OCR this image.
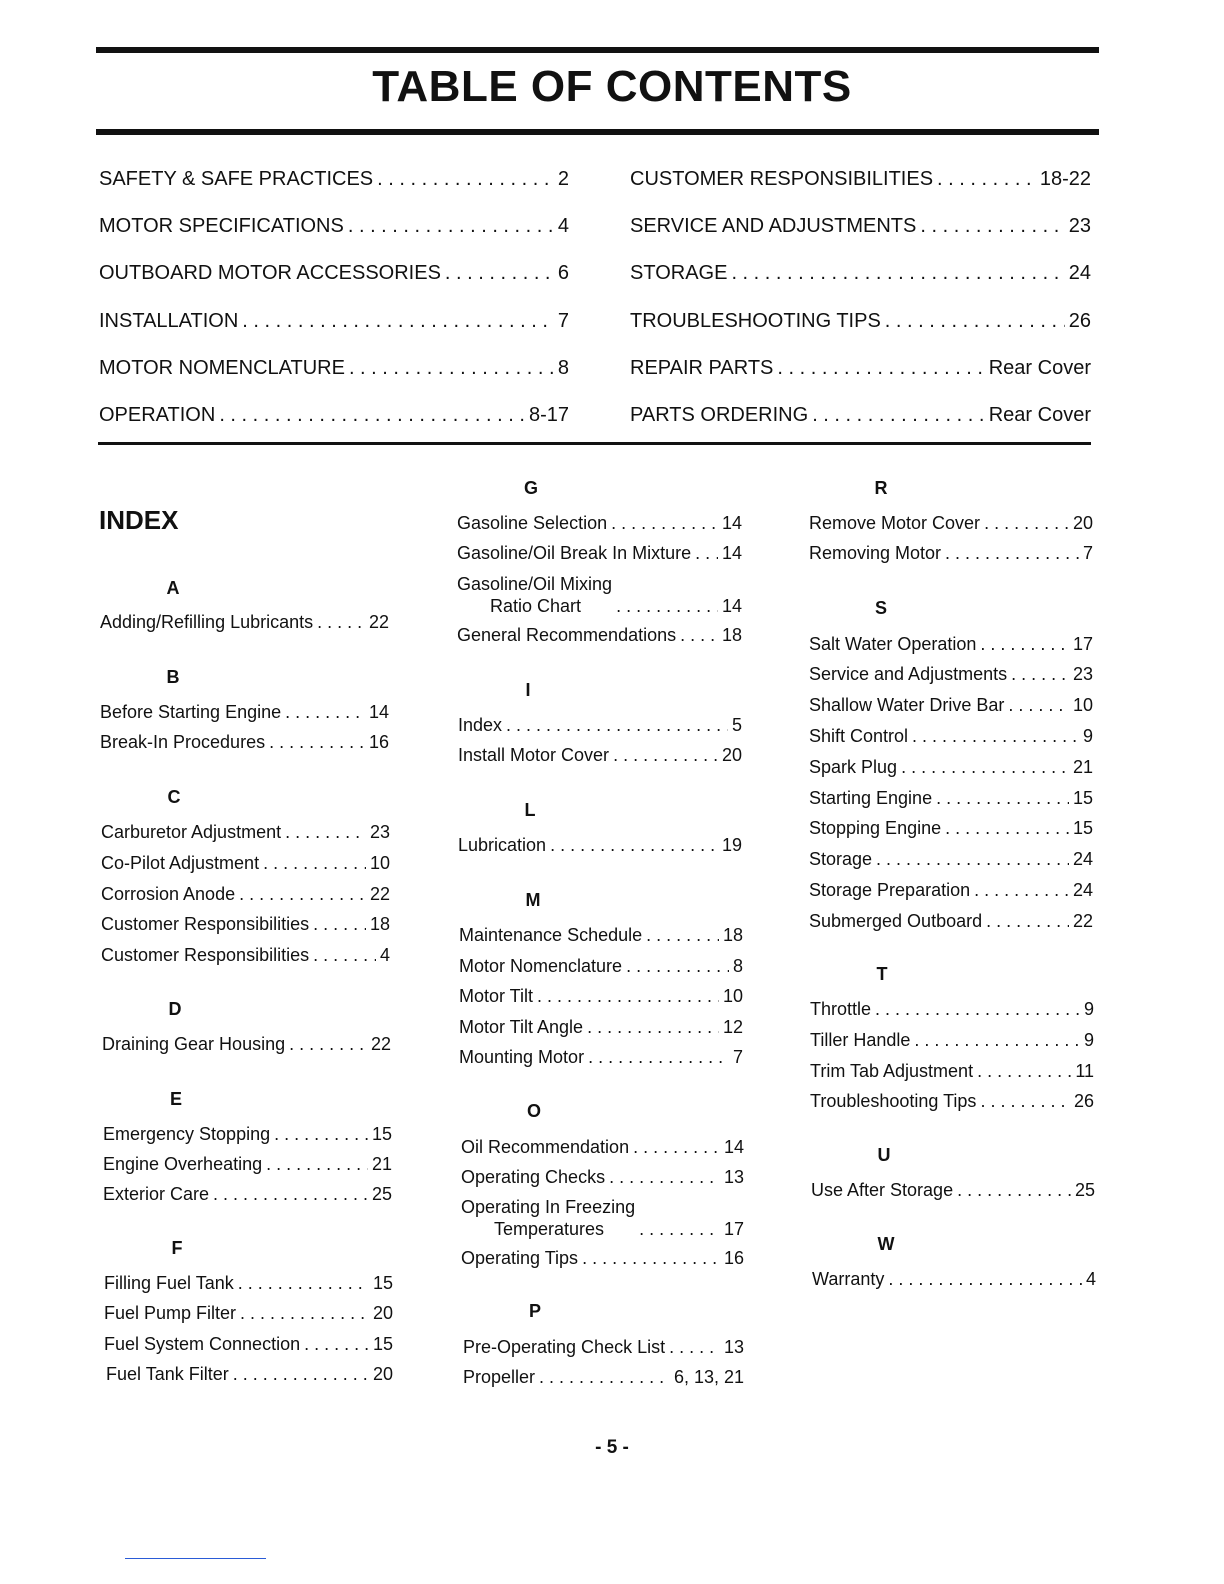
TABLE OF CONTENTS
SAFETY & SAFE PRACTICES . . .	2
MOTOR SPECIFICATIONS . . .	4
OUTBOARD MOTOR ACCESSORIES . . .	6
INSTALLATION . . .	7
MOTOR NOMENCLATURE . . .	8
OPERATION . . .	8-17
CUSTOMER RESPONSIBILITIES . . .	18-22
SERVICE AND ADJUSTMENTS . . .	23
STORAGE . . .	24
TROUBLESHOOTING TIPS . . .	26
REPAIR PARTS . . .	Rear Cover
PARTS ORDERING . . .	Rear Cover
INDEX
A
Adding/Refilling Lubricants . . .	22
B
Before Starting Engine . . .	14
Break-In Procedures . . .	16
C
Carburetor Adjustment . . .	23
Co-Pilot Adjustment . . .	10
Corrosion Anode . . .	22
Customer Responsibilities . . .	18
Customer Responsibilities . . .	4
D
Draining Gear Housing . . .	22
E
Emergency Stopping . . .	15
Engine Overheating . . .	21
Exterior Care . . .	25
F
Filling Fuel Tank . . .	15
Fuel Pump Filter . . .	20
Fuel System Connection . . .	15
Fuel Tank Filter . . .	20
G
Gasoline Selection . . .	14
Gasoline/Oil Break In Mixture . . . 14
Gasoline/Oil Mixing
Ratio Chart . . .	14
General Recommendations . . .	18
I
Index . . .	5
Install Motor Cover . . .	20
L
Lubrication . . .	19
M
Maintenance Schedule . . .	18
Motor Nomenclature . . .	8
Motor Tilt . . .	10
Motor Tilt Angle . . .	12
Mounting Motor . . .	7
O
Oil Recommendation . . .	14
Operating Checks . . .	13
Operating In Freezing
Temperatures . . .	17
Operating Tips . . .	16
P
Pre-Operating Check List . . .	13
Propeller . . .	6, 13, 21
R
Remove Motor Cover . . .	20
Removing Motor . . .	7
S
Salt Water Operation . . .	17
Service and Adjustments . . .	23
Shallow Water Drive Bar . . .	10
Shift Control . . .	9
Spark Plug . . .	21
Starting Engine . . .	15
Stopping Engine . . .	15
Storage . . .	24
Storage Preparation . . .	24
Submerged Outboard . . .	22
T
Throttle . . .	9
Tiller Handle . . .	9
Trim Tab Adjustment . . .	11
Troubleshooting Tips . . .	26
U
Use After Storage . . .	25
W
Warranty . . .	4
- 5 -
